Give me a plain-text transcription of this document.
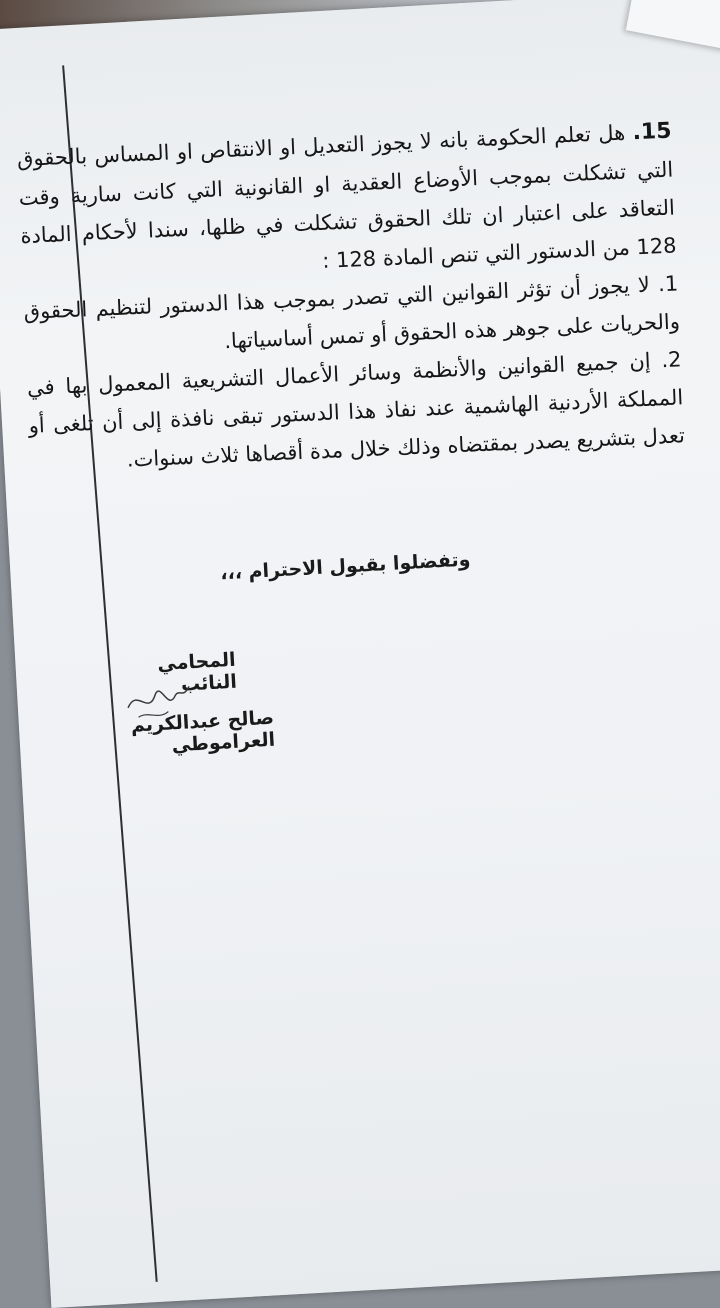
15. هل تعلم الحكومة بانه لا يجوز التعديل او الانتقاص او المساس بالحقوق التي تشكلت بموجب الأوضاع العقدية او القانونية التي كانت سارية وقت التعاقد على اعتبار ان تلك الحقوق تشكلت في ظلها، سندا لأحكام المادة 128 من الدستور التي تنص المادة 128 :

1. لا يجوز أن تؤثر القوانين التي تصدر بموجب هذا الدستور لتنظيم الحقوق والحريات على جوهر هذه الحقوق أو تمس أساسياتها.

2. إن جميع القوانين والأنظمة وسائر الأعمال التشريعية المعمول بها في المملكة الأردنية الهاشمية عند نفاذ هذا الدستور تبقى نافذة إلى أن تلغى أو تعدل بتشريع يصدر بمقتضاه وذلك خلال مدة أقصاها ثلاث سنوات.

وتفضلوا بقبول الاحترام ،،،
المحامي النائب
صالح عبدالكريم العراموطي
